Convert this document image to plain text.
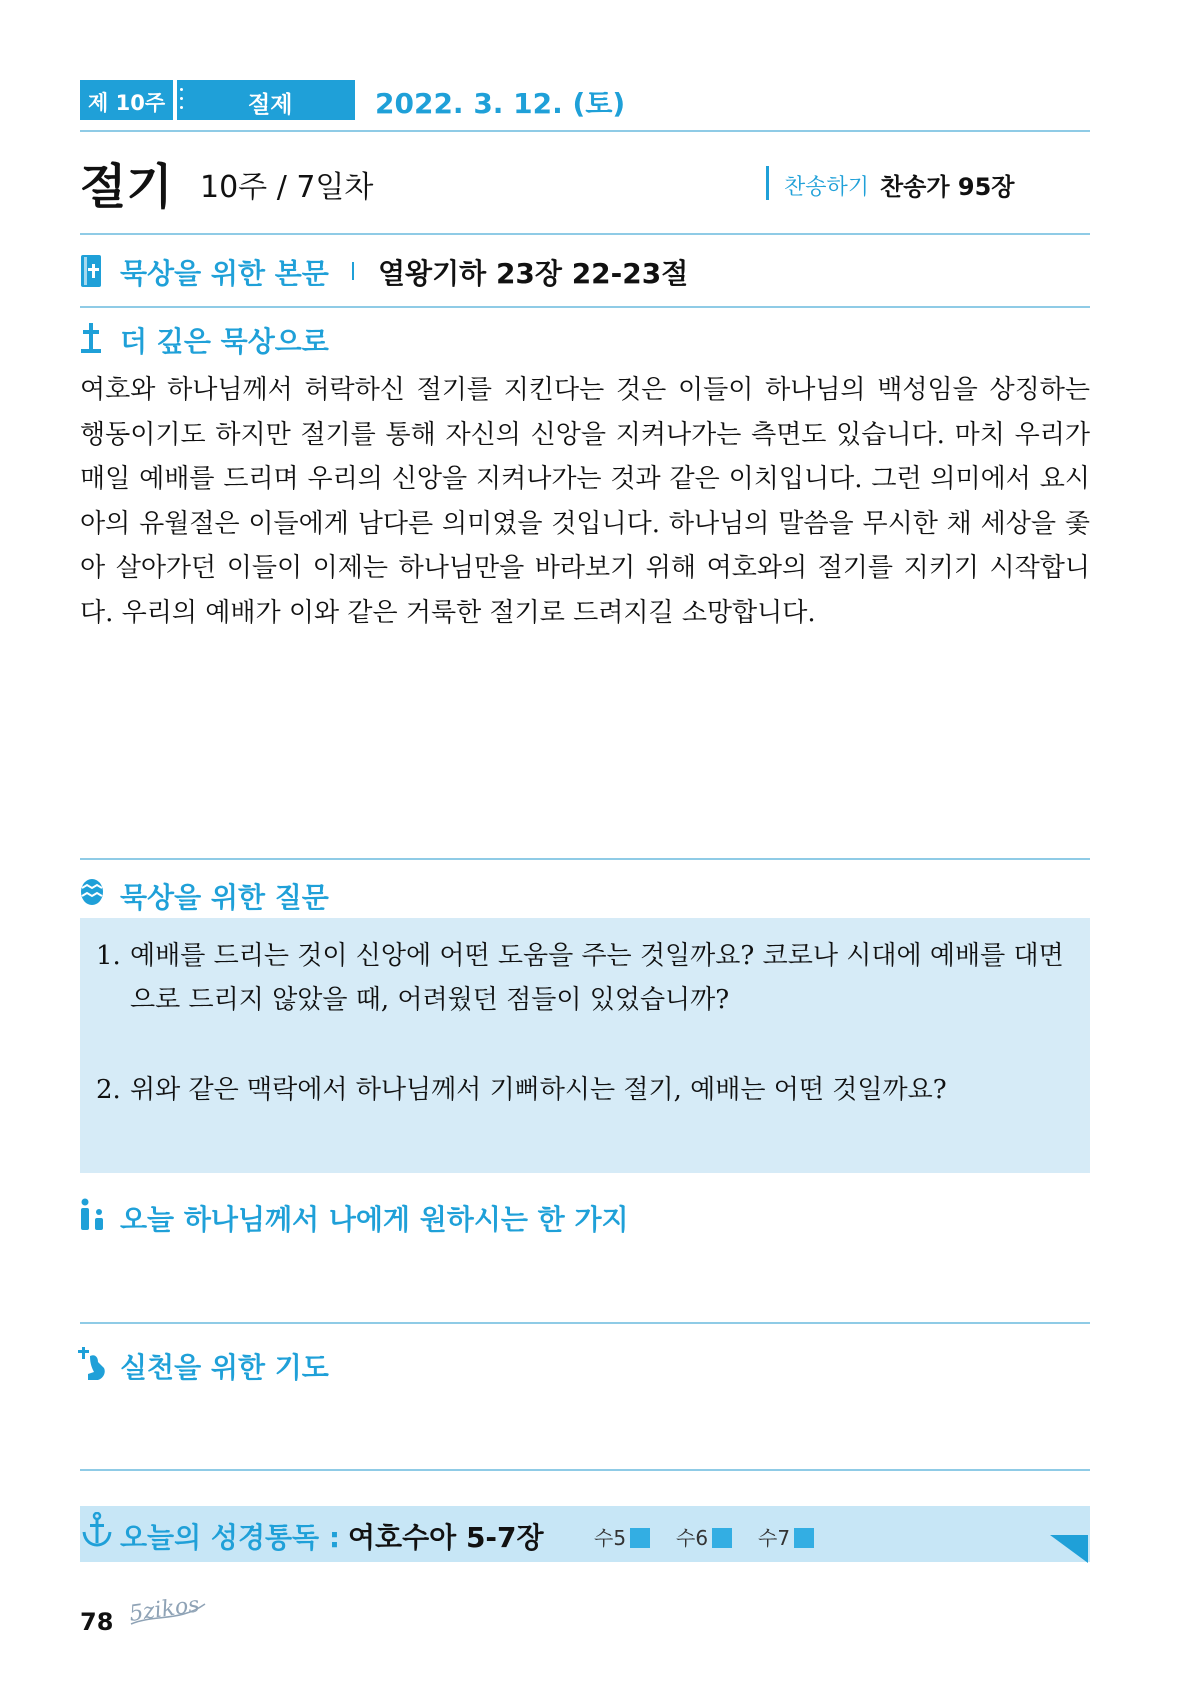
제 10주	절제	2022. 3. 12. (토)
절기 10주 / 7일차	찬송하기 찬송가 95장
묵상을 위한 본문 열왕기하 23장 22-23절
더 깊은 묵상으로
여호와 하나님께서 허락하신 절기를 지킨다는 것은 이들이 하나님의 백성임을 상징하는 행동이기도 하지만 절기를 통해 자신의 신앙을 지켜나가는 측면도 있습니다. 마치 우리가 매일 예배를 드리며 우리의 신앙을 지켜나가는 것과 같은 이치입니다. 그런 의미에서 요시아의 유월절은 이들에게 남다른 의미였을 것입니다. 하나님의 말씀을 무시한 채 세상을 좇아 살아가던 이들이 이제는 하나님만을 바라보기 위해 여호와의 절기를 지키기 시작합니다. 우리의 예배가 이와 같은 거룩한 절기로 드려지길 소망합니다.
묵상을 위한 질문
1. 예배를 드리는 것이 신앙에 어떤 도움을 주는 것일까요? 코로나 시대에 예배를 대면으로 드리지 않았을 때, 어려웠던 점들이 있었습니까?
2. 위와 같은 맥락에서 하나님께서 기뻐하시는 절기, 예배는 어떤 것일까요?
오늘 하나님께서 나에게 원하시는 한 가지
실천을 위한 기도
오늘의 성경통독 : 여호수아 5-7장	수5	수6	수7
78 5zikos
